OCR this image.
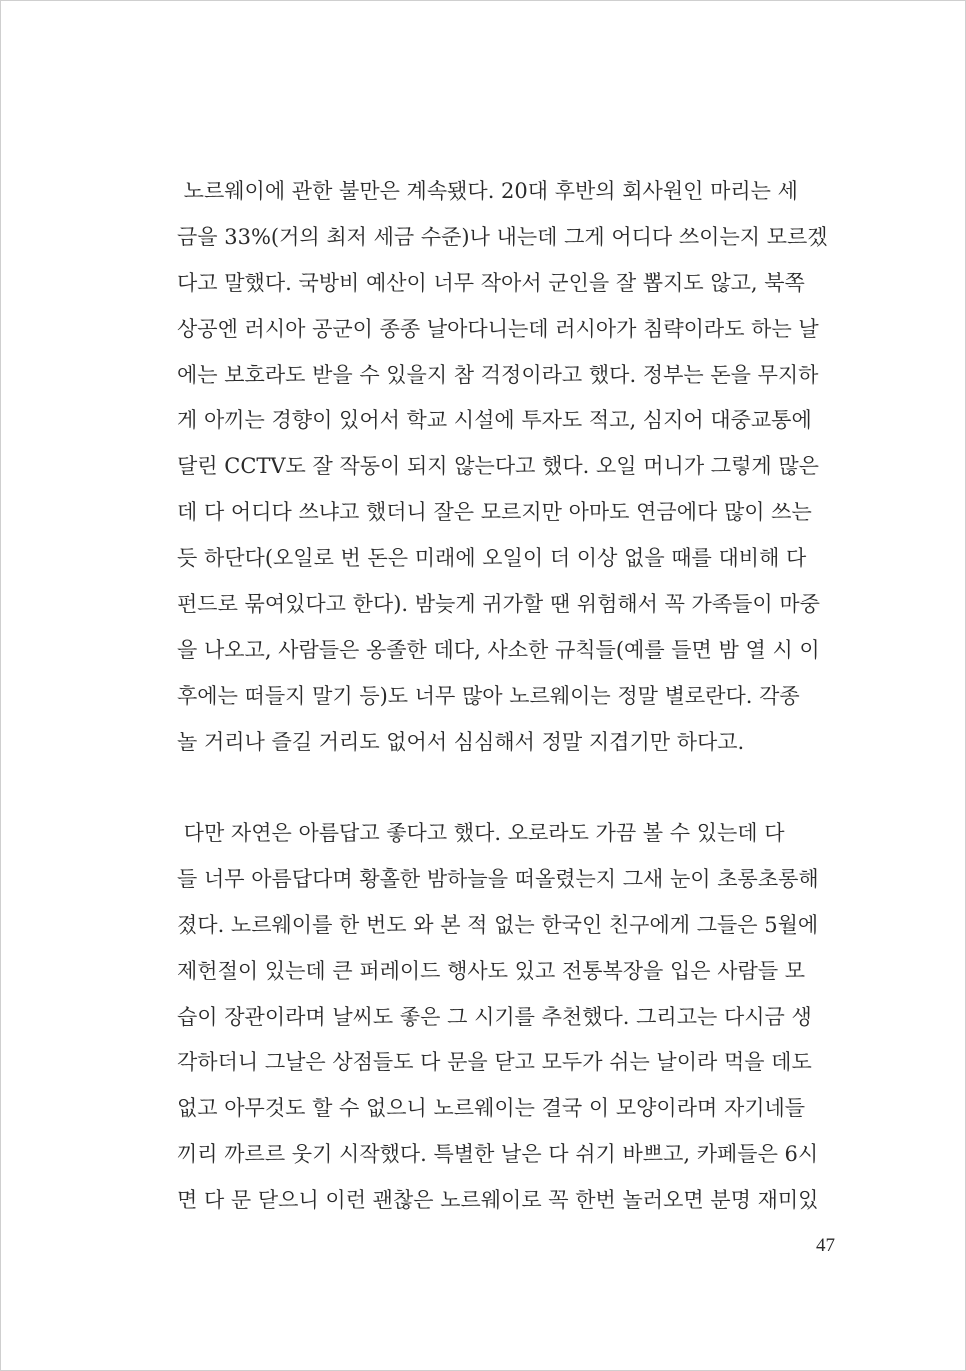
노르웨이에 관한 불만은 계속됐다. 20대 후반의 회사원인 마리는 세
금을 33%(거의 최저 세금 수준)나 내는데 그게 어디다 쓰이는지 모르겠
다고 말했다. 국방비 예산이 너무 작아서 군인을 잘 뽑지도 않고, 북쪽
상공엔 러시아 공군이 종종 날아다니는데 러시아가 침략이라도 하는 날
에는 보호라도 받을 수 있을지 참 걱정이라고 했다. 정부는 돈을 무지하
게 아끼는 경향이 있어서 학교 시설에 투자도 적고, 심지어 대중교통에
달린 CCTV도 잘 작동이 되지 않는다고 했다. 오일 머니가 그렇게 많은
데 다 어디다 쓰냐고 했더니 잘은 모르지만 아마도 연금에다 많이 쓰는
듯 하단다(오일로 번 돈은 미래에 오일이 더 이상 없을 때를 대비해 다
펀드로 묶여있다고 한다). 밤늦게 귀가할 땐 위험해서 꼭 가족들이 마중
을 나오고, 사람들은 옹졸한 데다, 사소한 규칙들(예를 들면 밤 열 시 이
후에는 떠들지 말기 등)도 너무 많아 노르웨이는 정말 별로란다. 각종
놀 거리나 즐길 거리도 없어서 심심해서 정말 지겹기만 하다고.
다만 자연은 아름답고 좋다고 했다. 오로라도 가끔 볼 수 있는데 다
들 너무 아름답다며 황홀한 밤하늘을 떠올렸는지 그새 눈이 초롱초롱해
졌다. 노르웨이를 한 번도 와 본 적 없는 한국인 친구에게 그들은 5월에
제헌절이 있는데 큰 퍼레이드 행사도 있고 전통복장을 입은 사람들 모
습이 장관이라며 날씨도 좋은 그 시기를 추천했다. 그리고는 다시금 생
각하더니 그날은 상점들도 다 문을 닫고 모두가 쉬는 날이라 먹을 데도
없고 아무것도 할 수 없으니 노르웨이는 결국 이 모양이라며 자기네들
끼리 까르르 웃기 시작했다. 특별한 날은 다 쉬기 바쁘고, 카페들은 6시
면 다 문 닫으니 이런 괜찮은 노르웨이로 꼭 한번 놀러오면 분명 재미있
47
